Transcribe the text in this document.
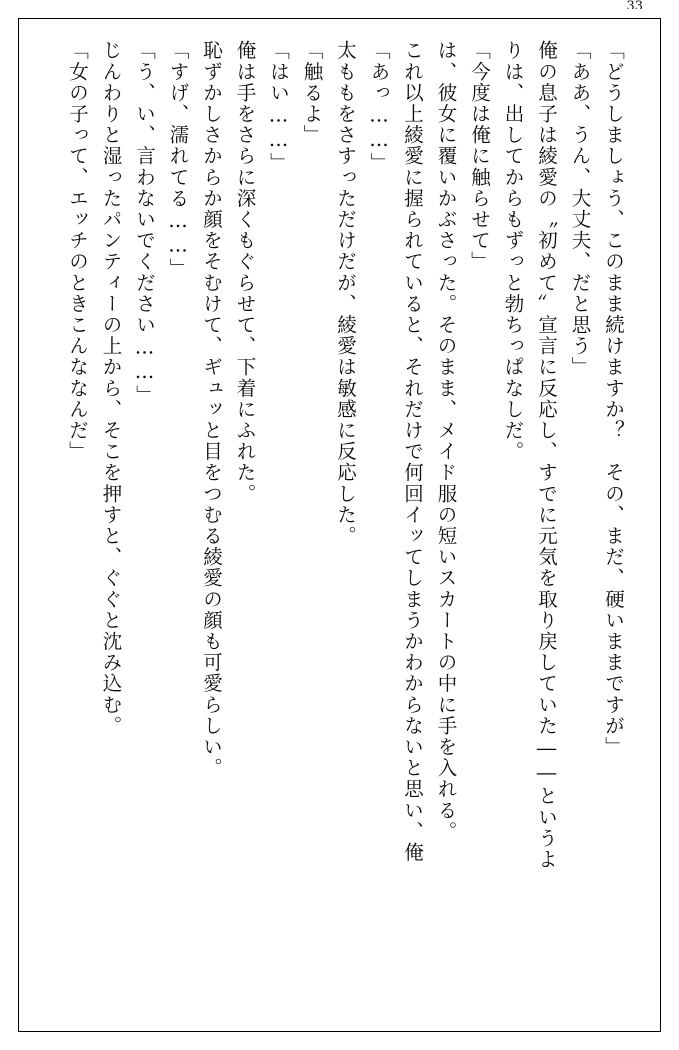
33
「どうしましょう、このまま続けますか？　その、まだ、硬いままですが」
「ああ、うん、大丈夫、だと思う」
俺の息子は綾愛の〝初めて〟宣言に反応し、すでに元気を取り戻していた――というよ
りは、出してからもずっと勃ちっぱなしだ。
「今度は俺に触らせて」
は、彼女に覆いかぶさった。そのまま、メイド服の短いスカートの中に手を入れる。
これ以上綾愛に握られていると、それだけで何回イッてしまうかわからないと思い、俺
「あっ……」
太ももをさすっただけだが、綾愛は敏感に反応した。
「触るよ」
「はい……」
俺は手をさらに深くもぐらせて、下着にふれた。
恥ずかしさからか顔をそむけて、ギュッと目をつむる綾愛の顔も可愛らしい。
「すげ、濡れてる……」
「う、い、言わないでください……」
じんわりと湿ったパンティーの上から、そこを押すと、ぐぐと沈み込む。
「女の子って、エッチのときこんななんだ」
